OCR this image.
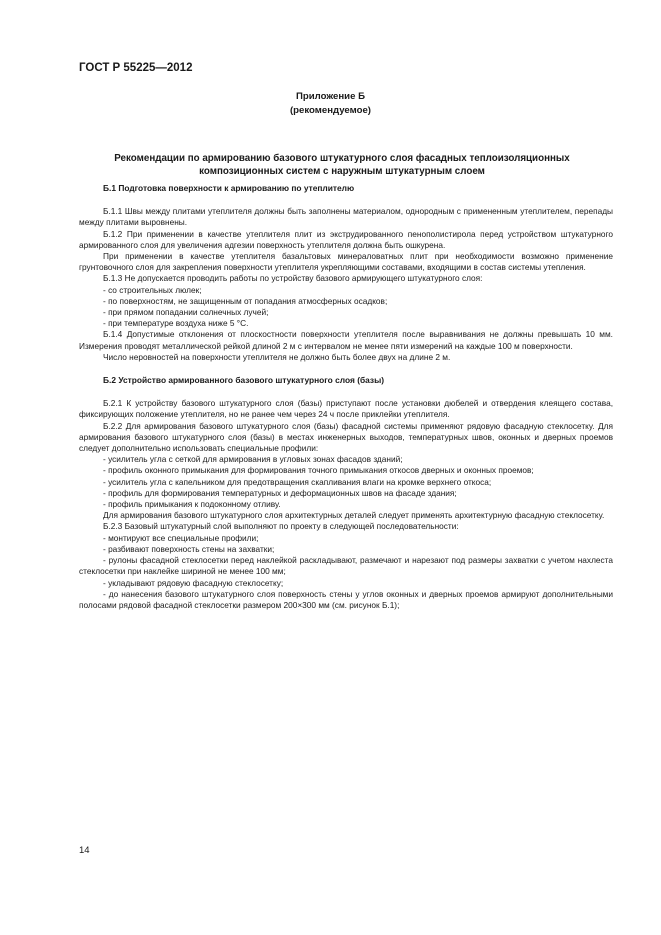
ГОСТ Р 55225—2012
Приложение Б
(рекомендуемое)
Рекомендации по армированию базового штукатурного слоя фасадных теплоизоляционных
композиционных систем с наружным штукатурным слоем
Б.1 Подготовка поверхности к армированию по утеплителю

Б.1.1 Швы между плитами утеплителя должны быть заполнены материалом, однородным с примененным утеплителем, перепады между плитами выровнены.

Б.1.2 При применении в качестве утеплителя плит из экструдированного пенополистирола перед устройством штукатурного армированного слоя для увеличения адгезии поверхность утеплителя должна быть ошкурена.

При применении в качестве утеплителя базальтовых минераловатных плит при необходимости возможно применение грунтовочного слоя для закрепления поверхности утеплителя укрепляющими составами, входящими в состав системы утепления.

Б.1.3 Не допускается проводить работы по устройству базового армирующего штукатурного слоя:

- со строительных люлек;

- по поверхностям, не защищенным от попадания атмосферных осадков;

- при прямом попадании солнечных лучей;

- при температуре воздуха ниже 5 °С.

Б.1.4 Допустимые отклонения от плоскостности поверхности утеплителя после выравнивания не должны превышать 10 мм. Измерения проводят металлической рейкой длиной 2 м с интервалом не менее пяти измерений на каждые 100 м поверхности.

Число неровностей на поверхности утеплителя не должно быть более двух на длине 2 м.

Б.2 Устройство армированного базового штукатурного слоя (базы)

Б.2.1 К устройству базового штукатурного слоя (базы) приступают после установки дюбелей и отвердения клеящего состава, фиксирующих положение утеплителя, но не ранее чем через 24 ч после приклейки утеплителя.

Б.2.2 Для армирования базового штукатурного слоя (базы) фасадной системы применяют рядовую фасадную стеклосетку. Для армирования базового штукатурного слоя (базы) в местах инженерных выходов, температурных швов, оконных и дверных проемов следует дополнительно использовать специальные профили:

- усилитель угла с сеткой для армирования в угловых зонах фасадов зданий;

- профиль оконного примыкания для формирования точного примыкания откосов дверных и оконных проемов;

- усилитель угла с капельником для предотвращения скапливания влаги на кромке верхнего откоса;

- профиль для формирования температурных и деформационных швов на фасаде здания;

- профиль примыкания к подоконному отливу.

Для армирования базового штукатурного слоя архитектурных деталей следует применять архитектурную фасадную стеклосетку.

Б.2.3 Базовый штукатурный слой выполняют по проекту в следующей последовательности:

- монтируют все специальные профили;

- разбивают поверхность стены на захватки;

- рулоны фасадной стеклосетки перед наклейкой раскладывают, размечают и нарезают под размеры захватки с учетом нахлеста стеклосетки при наклейке шириной не менее 100 мм;

- укладывают рядовую фасадную стеклосетку;

- до нанесения базового штукатурного слоя поверхность стены у углов оконных и дверных проемов армируют дополнительными полосами рядовой фасадной стеклосетки размером 200×300 мм (см. рисунок Б.1);

14
